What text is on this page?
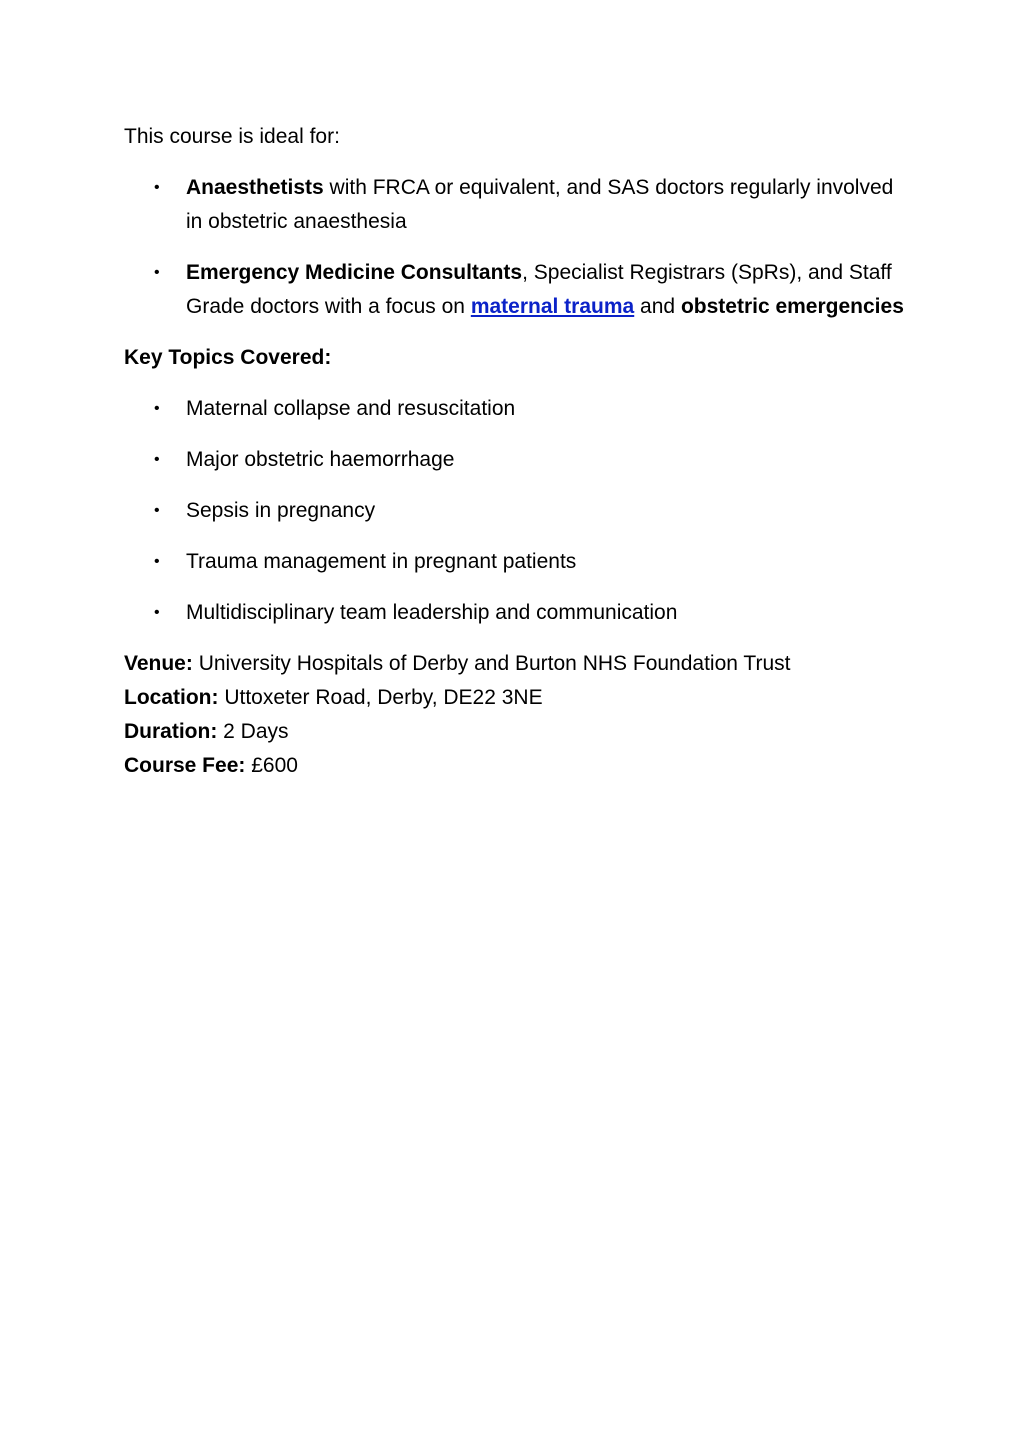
This course is ideal for:

• Anaesthetists with FRCA or equivalent, and SAS doctors regularly involved in obstetric anaesthesia
• Emergency Medicine Consultants, Specialist Registrars (SpRs), and Staff Grade doctors with a focus on maternal trauma and obstetric emergencies

Key Topics Covered:

• Maternal collapse and resuscitation
• Major obstetric haemorrhage
• Sepsis in pregnancy
• Trauma management in pregnant patients
• Multidisciplinary team leadership and communication

Venue: University Hospitals of Derby and Burton NHS Foundation Trust

Location: Uttoxeter Road, Derby, DE22 3NE

Duration: 2 Days

Course Fee: £600
